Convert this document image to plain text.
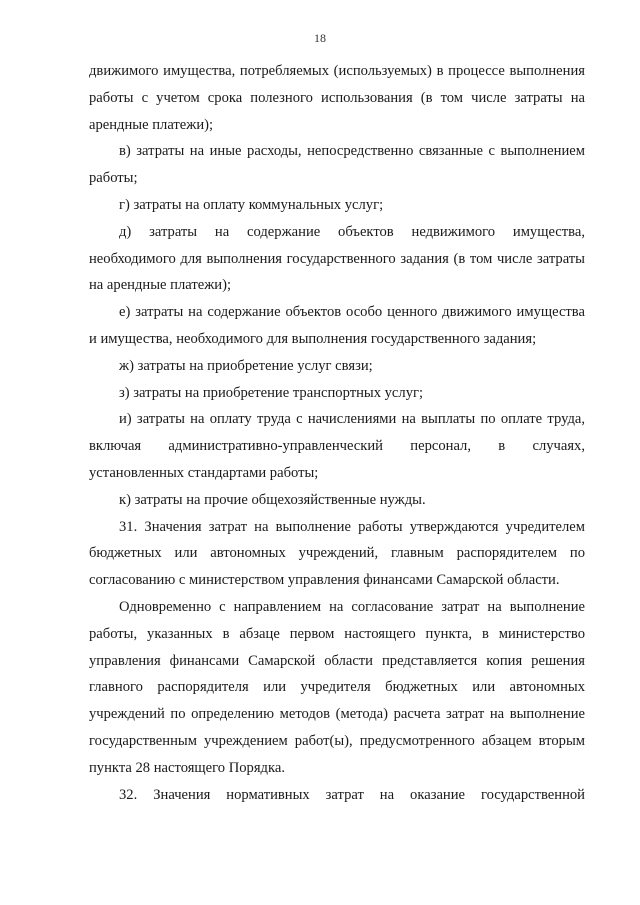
18

движимого имущества, потребляемых (используемых) в процессе выполнения работы с учетом срока полезного использования (в том числе затраты на арендные платежи);

в) затраты на иные расходы, непосредственно связанные с выполнением работы;

г) затраты на оплату коммунальных услуг;

д) затраты на содержание объектов недвижимого имущества, необходимого для выполнения государственного задания (в том числе затраты на арендные платежи);

е) затраты на содержание объектов особо ценного движимого имущества и имущества, необходимого для выполнения государственного задания;

ж) затраты на приобретение услуг связи;

з) затраты на приобретение транспортных услуг;

и) затраты на оплату труда с начислениями на выплаты по оплате труда, включая административно-управленческий персонал, в случаях, установленных стандартами работы;

к) затраты на прочие общехозяйственные нужды.

31. Значения затрат на выполнение работы утверждаются учредителем бюджетных или автономных учреждений, главным распорядителем по согласованию с министерством управления финансами Самарской области.

Одновременно с направлением на согласование затрат на выполнение работы, указанных в абзаце первом настоящего пункта, в министерство управления финансами Самарской области представляется копия решения главного распорядителя или учредителя бюджетных или автономных учреждений по определению методов (метода) расчета затрат на выполнение государственным учреждением работ(ы), предусмотренного абзацем вторым пункта 28 настоящего Порядка.

32. Значения нормативных затрат на оказание государственной
